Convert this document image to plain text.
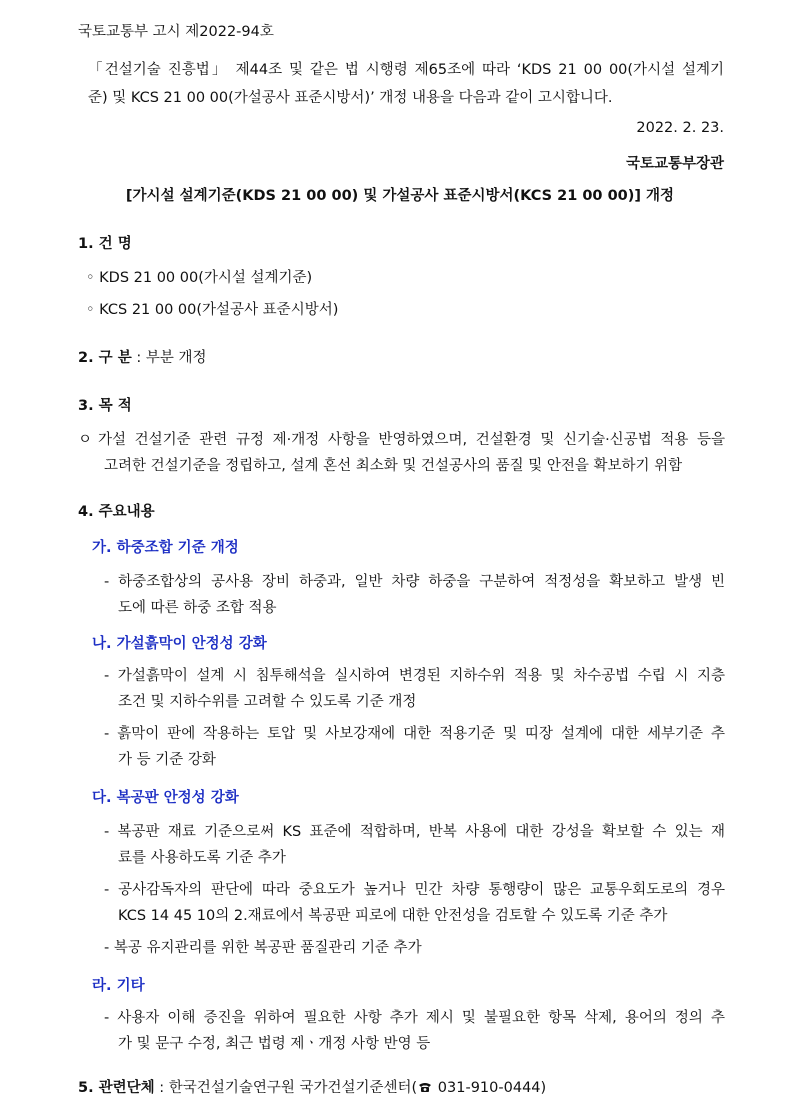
국토교통부 고시 제2022-94호
「건설기술 진흥법」 제44조 및 같은 법 시행령 제65조에 따라 ‘KDS 21 00 00(가시설 설계기
준) 및 KCS 21 00 00(가설공사 표준시방서)’ 개정 내용을 다음과 같이 고시합니다.
2022. 2. 23.
국토교통부장관
[가시설 설계기준(KDS 21 00 00) 및 가설공사 표준시방서(KCS 21 00 00)] 개정
1. 건 명
◦ KDS 21 00 00(가시설 설계기준)
◦ KCS 21 00 00(가설공사 표준시방서)
2. 구 분 : 부분 개정
3. 목 적
ㅇ 가설 건설기준 관련 규정 제·개정 사항을 반영하였으며, 건설환경 및 신기술·신공법 적용 등을
고려한 건설기준을 정립하고, 설계 혼선 최소화 및 건설공사의 품질 및 안전을 확보하기 위함
4. 주요내용
가. 하중조합 기준 개정
- 하중조합상의 공사용 장비 하중과, 일반 차량 하중을 구분하여 적정성을 확보하고 발생 빈
도에 따른 하중 조합 적용
나. 가설흙막이 안정성 강화
- 가설흙막이 설계 시 침투해석을 실시하여 변경된 지하수위 적용 및 차수공법 수립 시 지층
조건 및 지하수위를 고려할 수 있도록 기준 개정
- 흙막이 판에 작용하는 토압 및 사보강재에 대한 적용기준 및 띠장 설계에 대한 세부기준 추
가 등 기준 강화
다. 복공판 안정성 강화
- 복공판 재료 기준으로써 KS 표준에 적합하며, 반복 사용에 대한 강성을 확보할 수 있는 재
료를 사용하도록 기준 추가
- 공사감독자의 판단에 따라 중요도가 높거나 민간 차량 통행량이 많은 교통우회도로의 경우
KCS 14 45 10의 2.재료에서 복공판 피로에 대한 안전성을 검토할 수 있도록 기준 추가
- 복공 유지관리를 위한 복공판 품질관리 기준 추가
라. 기타
- 사용자 이해 증진을 위하여 필요한 사항 추가 제시 및 불필요한 항목 삭제, 용어의 정의 추
가 및 문구 수정, 최근 법령 제ㆍ개정 사항 반영 등
5. 관련단체 : 한국건설기술연구원 국가건설기준센터( 031-910-0444)
